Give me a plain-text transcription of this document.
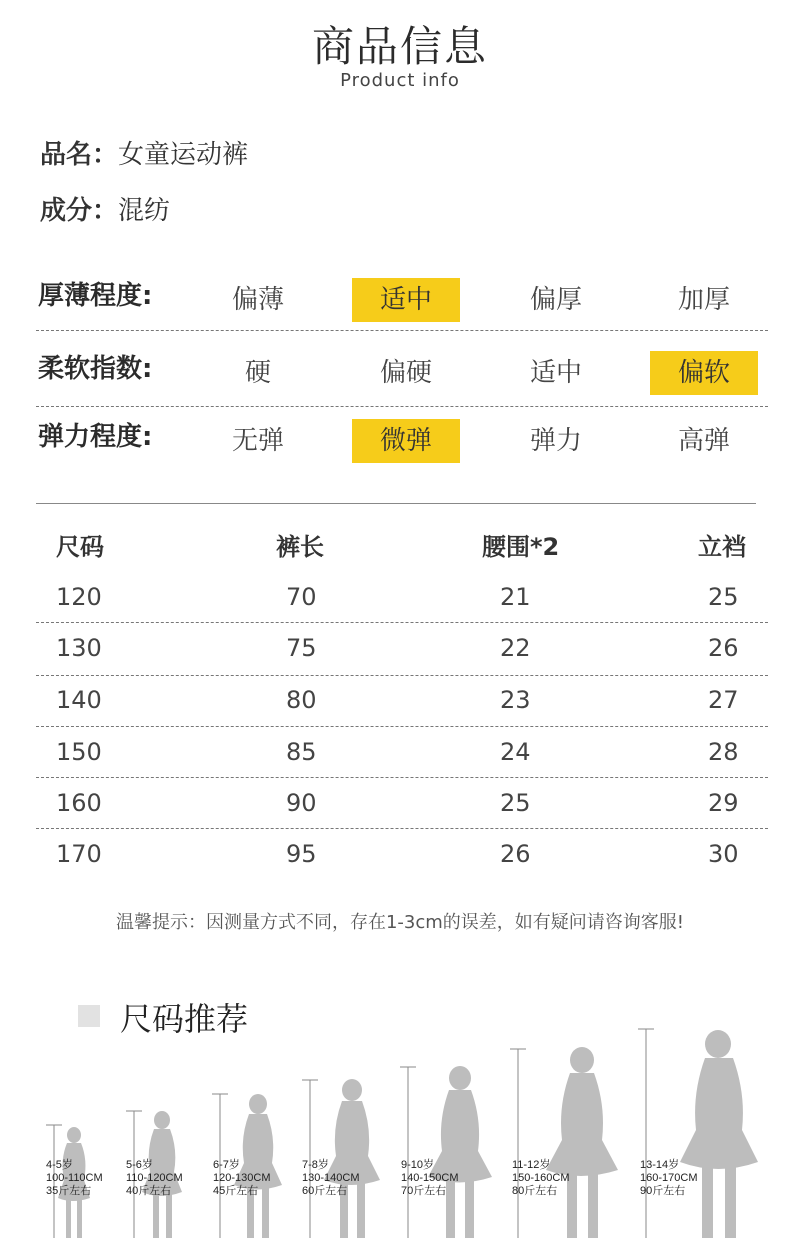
商品信息
Product info
品名：女童运动裤
成分：混纺
厚薄程度:	偏薄	适中	偏厚	加厚
柔软指数:	硬	偏硬	适中	偏软
弹力程度:	无弹	微弹	弹力	高弹
尺码	裤长	腰围*2	立裆
120	70	21	25
130	75	22	26
140	80	23	27
150	85	24	28
160	90	25	29
170	95	26	30
温馨提示：因测量方式不同，存在1-3cm的误差，如有疑问请咨询客服!
尺码推荐
4-5岁
100-110CM
35斤左右
5-6岁
110-120CM
40斤左右
6-7岁
120-130CM
45斤左右
7-8岁
130-140CM
60斤左右
9-10岁
140-150CM
70斤左右
11-12岁
150-160CM
80斤左右
13-14岁
160-170CM
90斤左右
